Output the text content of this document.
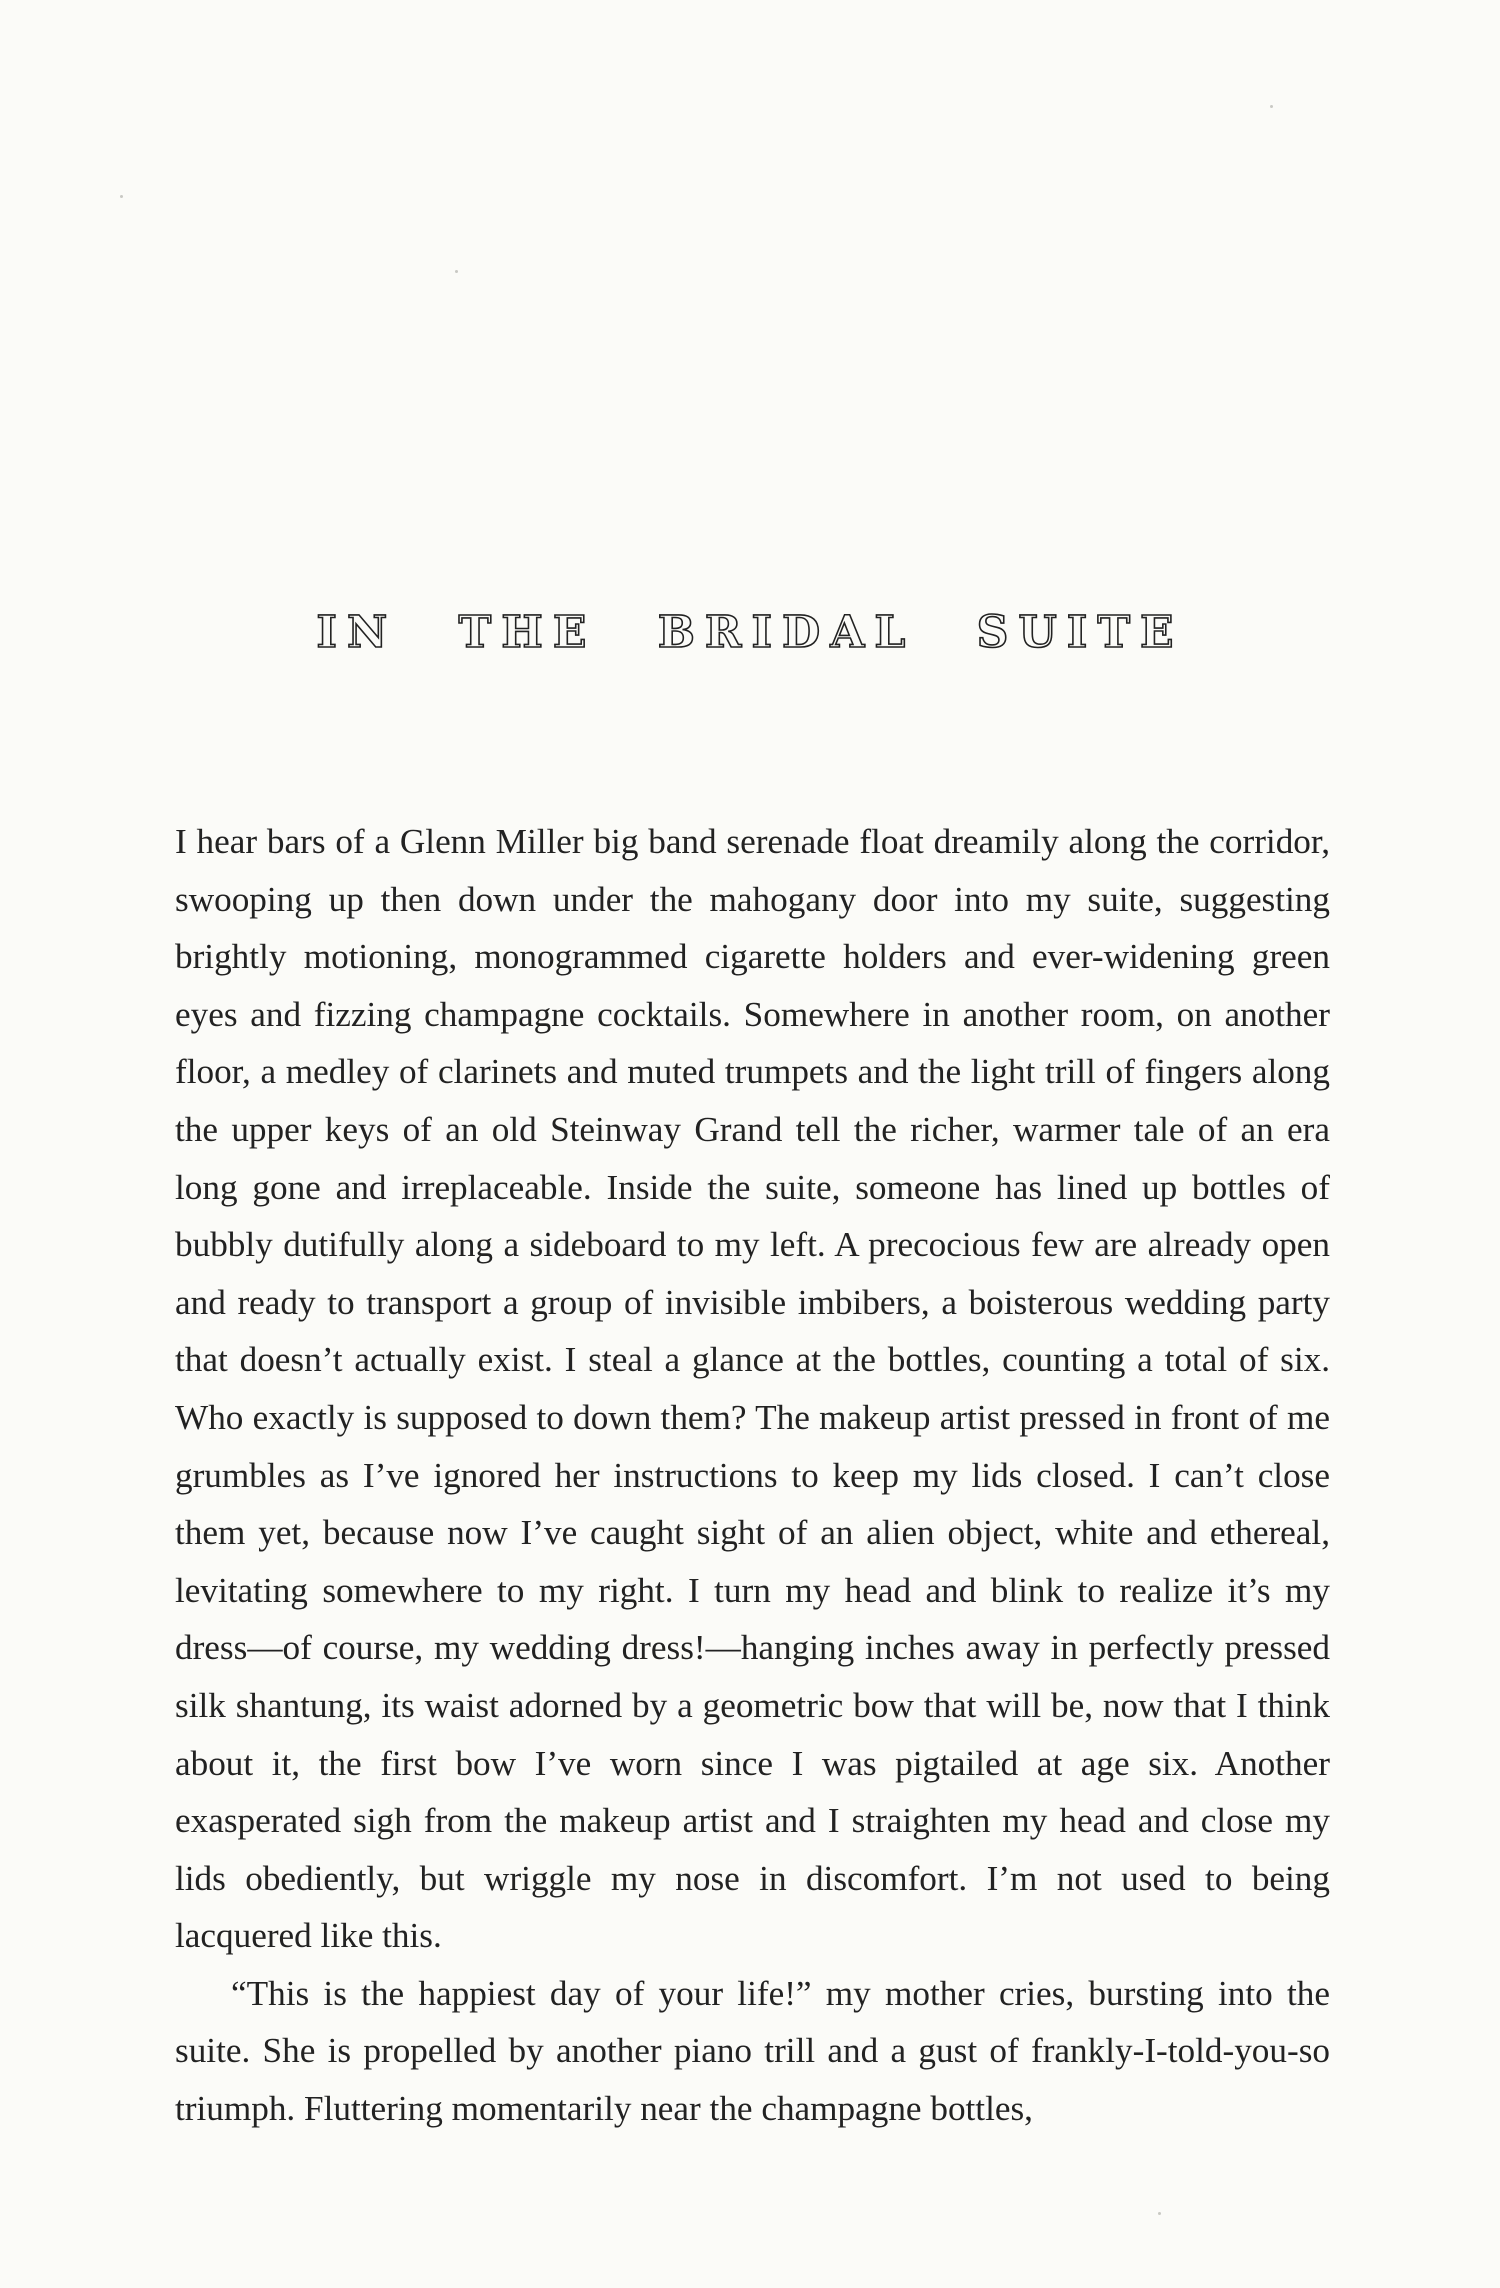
IN THE BRIDAL SUITE

I hear bars of a Glenn Miller big band serenade float dreamily along the corridor, swooping up then down under the mahogany door into my suite, suggesting brightly motioning, monogrammed cigarette holders and ever-widening green eyes and fizzing champagne cocktails. Somewhere in another room, on another floor, a medley of clarinets and muted trumpets and the light trill of fingers along the upper keys of an old Steinway Grand tell the richer, warmer tale of an era long gone and irreplaceable. Inside the suite, someone has lined up bottles of bubbly dutifully along a sideboard to my left. A precocious few are already open and ready to transport a group of invisible imbibers, a boisterous wedding party that doesn’t actually exist. I steal a glance at the bottles, counting a total of six. Who exactly is supposed to down them? The makeup artist pressed in front of me grumbles as I’ve ignored her instructions to keep my lids closed. I can’t close them yet, because now I’ve caught sight of an alien object, white and ethereal, levitating somewhere to my right. I turn my head and blink to realize it’s my dress—of course, my wedding dress!—hanging inches away in perfectly pressed silk shantung, its waist adorned by a geometric bow that will be, now that I think about it, the first bow I’ve worn since I was pigtailed at age six. Another exasperated sigh from the makeup artist and I straighten my head and close my lids obediently, but wriggle my nose in discomfort. I’m not used to being lacquered like this.

“This is the happiest day of your life!” my mother cries, bursting into the suite. She is propelled by another piano trill and a gust of frankly-I-told-you-so triumph. Fluttering momentarily near the champagne bottles,
